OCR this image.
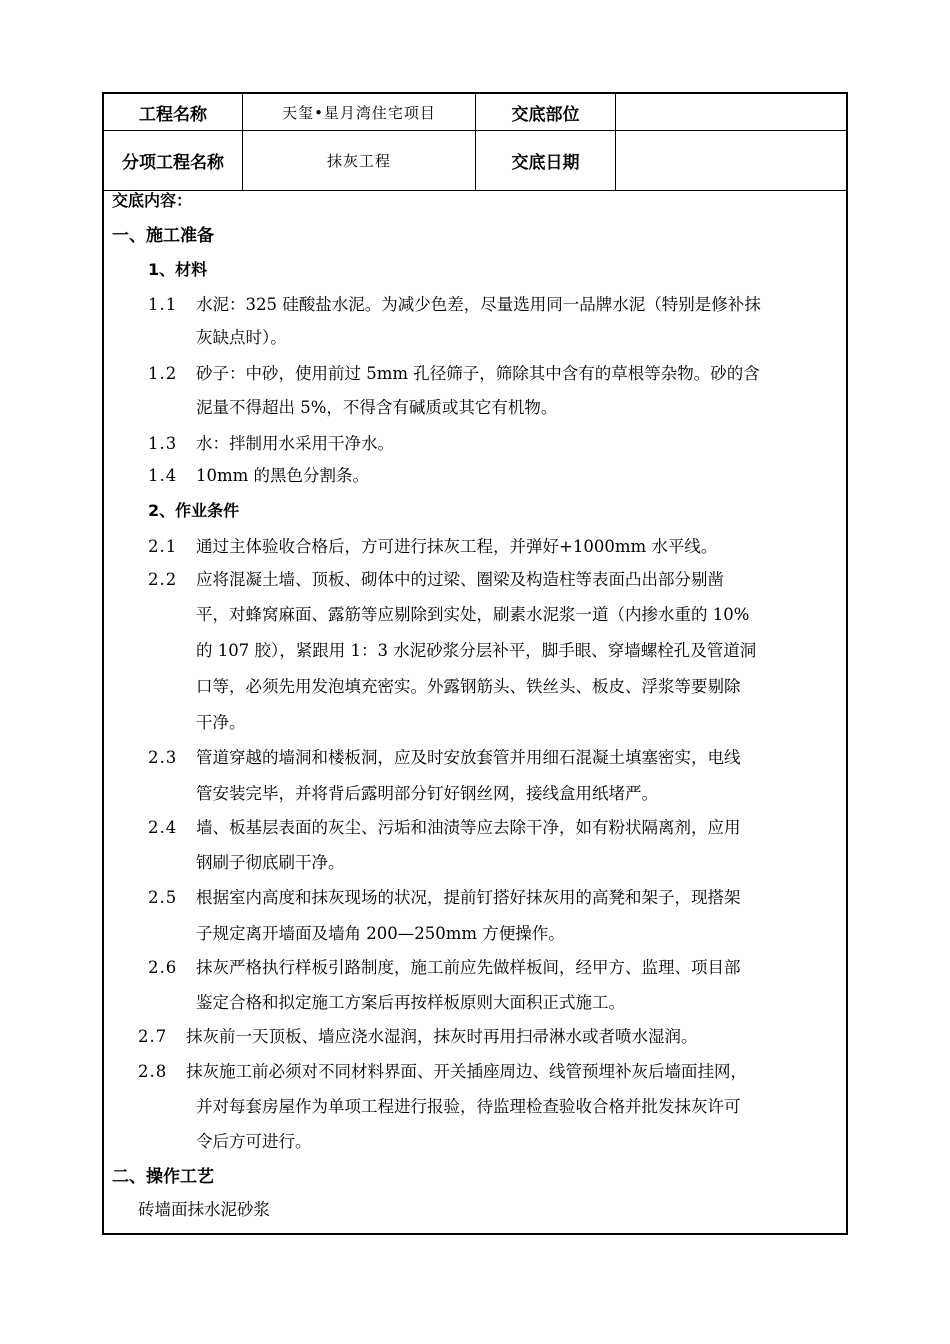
工程名称	天玺•星月湾住宅项目	交底部位
分项工程名称	抹灰工程	交底日期
交底内容：
一、施工准备
1、材料
1.1 水泥：325 硅酸盐水泥。为减少色差，尽量选用同一品牌水泥（特别是修补抹
灰缺点时）。
1.2 砂子：中砂，使用前过 5mm 孔径筛子，筛除其中含有的草根等杂物。砂的含
泥量不得超出 5%，不得含有碱质或其它有机物。
1.3 水：拌制用水采用干净水。
1.4 10mm 的黑色分割条。
2、作业条件
2.1 通过主体验收合格后，方可进行抹灰工程，并弹好+1000mm 水平线。
2.2 应将混凝土墙、顶板、砌体中的过梁、圈梁及构造柱等表面凸出部分剔凿
平，对蜂窝麻面、露筋等应剔除到实处，刷素水泥浆一道（内掺水重的 10%
的 107 胶），紧跟用 1：3 水泥砂浆分层补平，脚手眼、穿墙螺栓孔及管道洞
口等，必须先用发泡填充密实。外露钢筋头、铁丝头、板皮、浮浆等要剔除
干净。
2.3 管道穿越的墙洞和楼板洞，应及时安放套管并用细石混凝土填塞密实，电线
管安装完毕，并将背后露明部分钉好钢丝网，接线盒用纸堵严。
2.4 墙、板基层表面的灰尘、污垢和油渍等应去除干净，如有粉状隔离剂，应用
钢刷子彻底刷干净。
2.5 根据室内高度和抹灰现场的状况，提前钉搭好抹灰用的高凳和架子，现搭架
子规定离开墙面及墙角 200—250mm 方便操作。
2.6 抹灰严格执行样板引路制度，施工前应先做样板间，经甲方、监理、项目部
鉴定合格和拟定施工方案后再按样板原则大面积正式施工。
2.7 抹灰前一天顶板、墙应浇水湿润，抹灰时再用扫帚淋水或者喷水湿润。
2.8 抹灰施工前必须对不同材料界面、开关插座周边、线管预埋补灰后墙面挂网，
并对每套房屋作为单项工程进行报验，待监理检查验收合格并批发抹灰许可
令后方可进行。
二、操作工艺
砖墙面抹水泥砂浆
